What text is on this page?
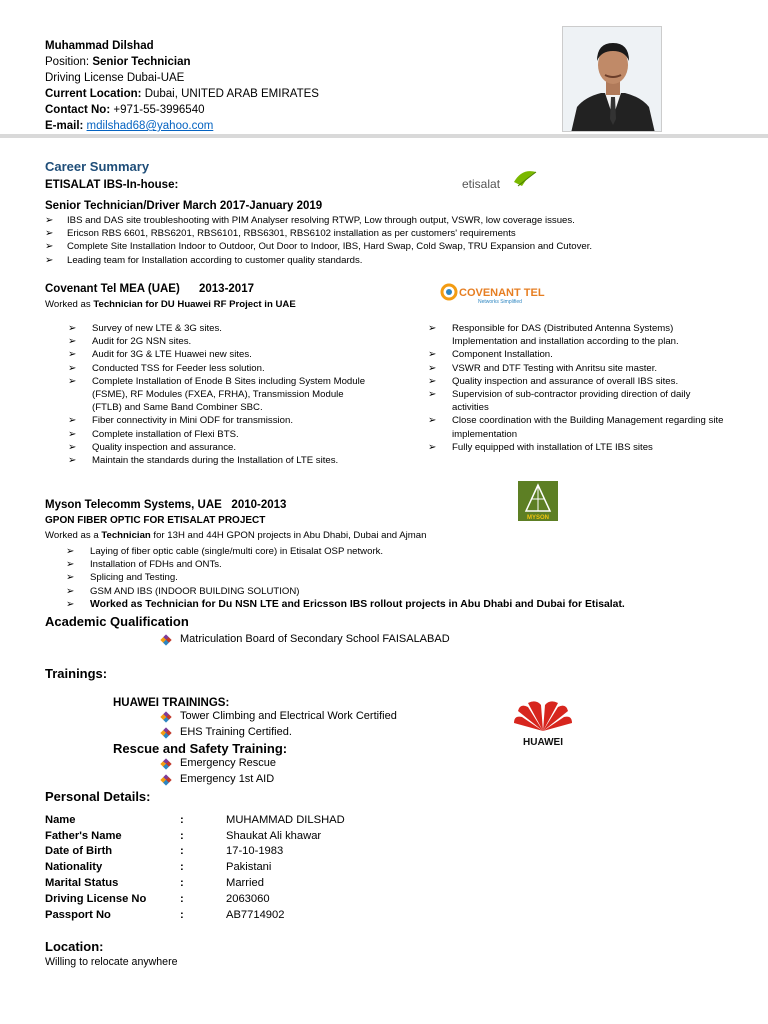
Muhammad Dilshad
Position: Senior Technician
Driving License Dubai-UAE
Current Location: Dubai, UNITED ARAB EMIRATES
Contact No: +971-55-3996540
E-mail: mdilshad68@yahoo.com
Career Summary
ETISALAT IBS-In-house:	etisalat
Senior Technician/Driver March 2017-January 2019
➢ IBS and DAS site troubleshooting with PIM Analyser resolving RTWP, Low through output, VSWR, low coverage issues.
➢ Ericson RBS 6601, RBS6201, RBS6101, RBS6301, RBS6102 installation as per customers' requirements
➢ Complete Site Installation Indoor to Outdoor, Out Door to Indoor, IBS, Hard Swap, Cold Swap, TRU Expansion and Cutover.
➢ Leading team for Installation according to customer quality standards.
Covenant Tel MEA (UAE) 2013-2017
Worked as Technician for DU Huawei RF Project in UAE
COVENANT TEL
Networks Simplified
➢ Survey of new LTE & 3G sites.
➢ Audit for 2G NSN sites.
➢ Audit for 3G & LTE Huawei new sites.
➢ Conducted TSS for Feeder less solution.
➢ Complete Installation of Enode B Sites including System Module (FSME), RF Modules (FXEA, FRHA), Transmission Module (FTLB) and Same Band Combiner SBC.
➢ Fiber connectivity in Mini ODF for transmission.
➢ Complete installation of Flexi BTS.
➢ Quality inspection and assurance.
➢ Maintain the standards during the Installation of LTE sites.
➢ Responsible for DAS (Distributed Antenna Systems) Implementation and installation according to the plan.
➢ Component Installation.
➢ VSWR and DTF Testing with Anritsu site master.
➢ Quality inspection and assurance of overall IBS sites.
➢ Supervision of sub-contractor providing direction of daily activities
➢ Close coordination with the Building Management regarding site implementation
➢ Fully equipped with installation of LTE IBS sites
Myson Telecomm Systems, UAE 2010-2013
GPON FIBER OPTIC FOR ETISALAT PROJECT
Worked as a Technician for 13H and 44H GPON projects in Abu Dhabi, Dubai and Ajman
MYSON
➢ Laying of fiber optic cable (single/multi core) in Etisalat OSP network.
➢ Installation of FDHs and ONTs.
➢ Splicing and Testing.
➢ GSM AND IBS (INDOOR BUILDING SOLUTION)
➢ Worked as Technician for Du NSN LTE and Ericsson IBS rollout projects in Abu Dhabi and Dubai for Etisalat.
Academic Qualification
Matriculation Board of Secondary School FAISALABAD
Trainings:
HUAWEI TRAININGS:
Tower Climbing and Electrical Work Certified
EHS Training Certified.
HUAWEI
Rescue and Safety Training:
Emergency Rescue
Emergency 1st AID
Personal Details:
Name	:	MUHAMMAD DILSHAD
Father's Name	:	Shaukat Ali khawar
Date of Birth	:	17-10-1983
Nationality	:	Pakistani
Marital Status	:	Married
Driving License No	:	2063060
Passport No	:	AB7714902
Location:
Willing to relocate anywhere
